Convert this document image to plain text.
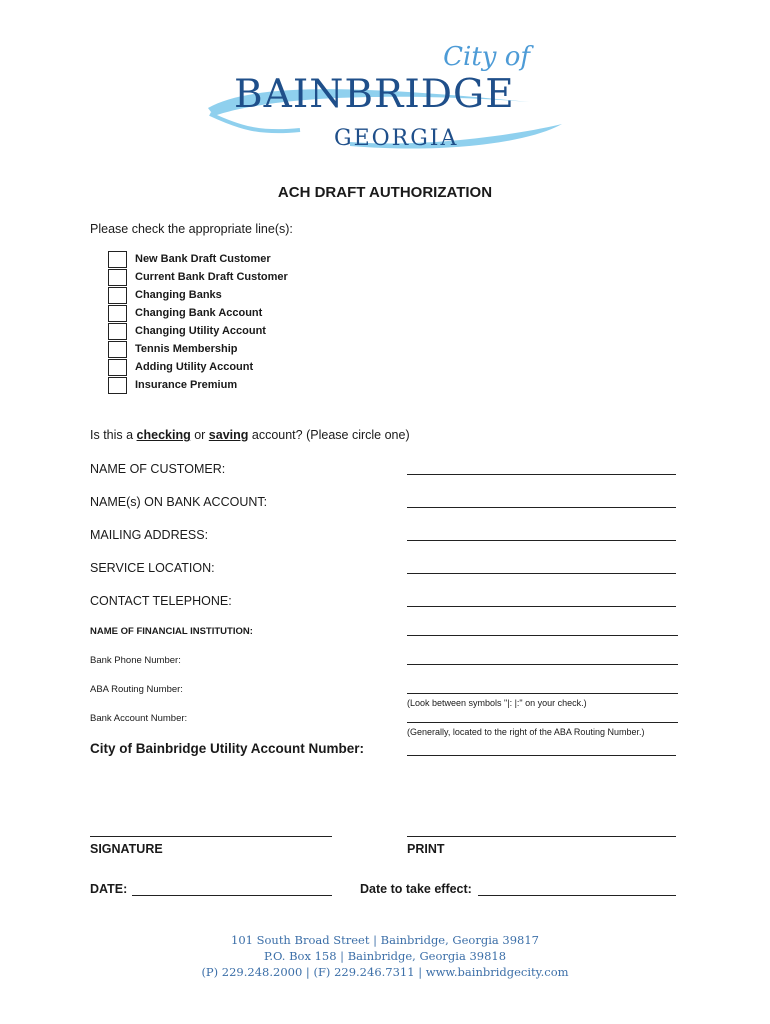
City of
BAINBRIDGE
GEORGIA
ACH DRAFT AUTHORIZATION
Please check the appropriate line(s):
New Bank Draft Customer
Current Bank Draft Customer
Changing Banks
Changing Bank Account
Changing Utility Account
Tennis Membership
Adding Utility Account
Insurance Premium
Is this a checking or saving account? (Please circle one)
NAME OF CUSTOMER:
NAME(s) ON BANK ACCOUNT:
MAILING ADDRESS:
SERVICE LOCATION:
CONTACT TELEPHONE:
NAME OF FINANCIAL INSTITUTION:
Bank Phone Number:
ABA Routing Number:
(Look between symbols "|: |:" on your check.)
Bank Account Number:
(Generally, located to the right of the ABA Routing Number.)
City of Bainbridge Utility Account Number:
SIGNATURE	PRINT
DATE:	Date to take effect:
101 South Broad Street | Bainbridge, Georgia 39817
P.O. Box 158 | Bainbridge, Georgia 39818
(P) 229.248.2000 | (F) 229.246.7311 | www.bainbridgecity.com
